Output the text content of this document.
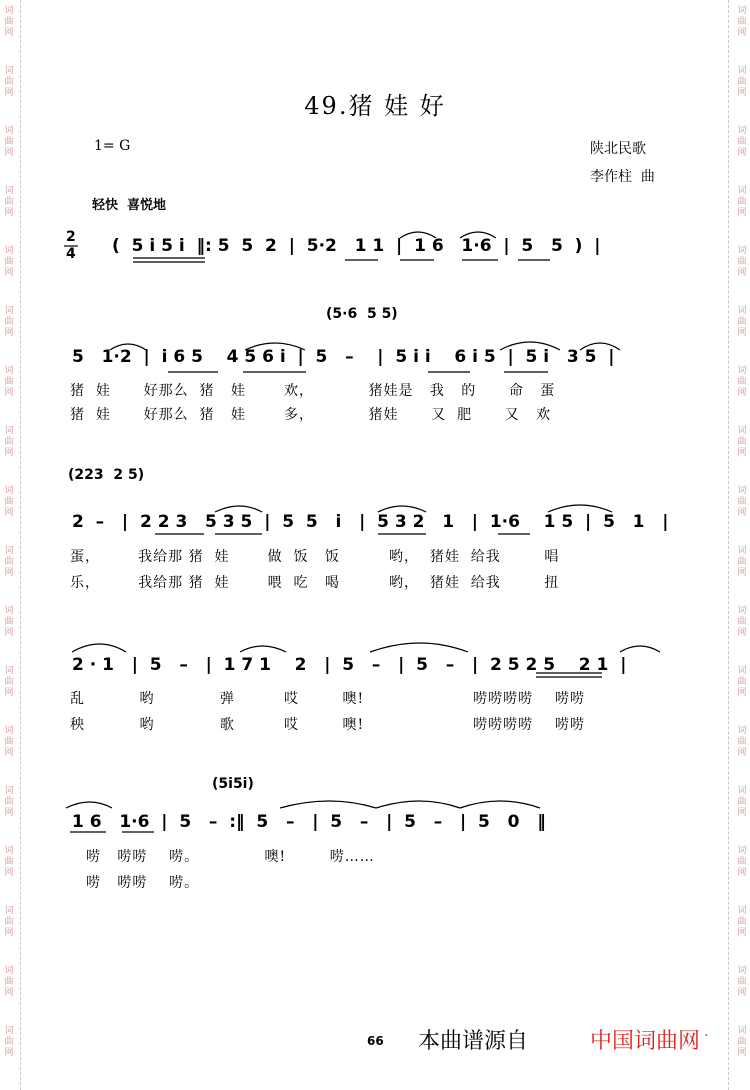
词
曲
网
词
曲
网
词
曲
网
词
曲
网
词
曲
网
词
曲
网
词
曲
网
词
曲
网
词
曲
网
词
曲
网
词
曲
网
词
曲
网
词
曲
网
词
曲
网
词
曲
网
词
曲
网
词
曲
网
词
曲
网
词
曲
网
词
曲
网
词
曲
网
词
曲
网
词
曲
网
词
曲
网
词
曲
网
词
曲
网
词
曲
网
词
曲
网
词
曲
网
词
曲
网
词
曲
网
词
曲
网
词
曲
网
词
曲
网
词
曲
网
词
曲
网
49.猪 娃 好
1= G	陕北民歌
李作柱  曲
轻快  喜悦地
2
4 (  5 i 5 i  ‖: 5  5  2  |  5·2   1 1  |  1 6   1·6  |  5   5  )  |
(5·6  5 5)
5   1·2  |  i 6 5    4 5 6 i  |  5   –    |  5 i i    6 i 5  |  5 i   3 5  |
猪  娃      好那么  猪   娃       欢，          猪娃是   我   的      命   蛋
猪  娃      好那么  猪   娃       多，          猪娃      又  肥      又   欢
(223  2 5)
2  –   |  2 2 3   5 3 5  |  5  5   i   |  5 3 2   1   |  1·6    1 5  |  5   1   |
蛋，       我给那 猪  娃       做  饭   饭         哟，  猪娃  给我        唱
乐，       我给那 猪  娃       喂  吃   喝         哟，  猪娃  给我        扭
2 · 1   |  5   –   |  1 7 1    2   |  5   –   |  5   –   |  2 5 2 5    2 1  |
乱          哟            弹         哎        噢!                    唠唠唠唠    唠唠
秧          哟            歌         哎        噢!                    唠唠唠唠    唠唠
(5i5i)
1 6   1·6  |  5   –  :‖  5   –   |  5   –   |  5   –   |  5   0   ‖
唠   唠唠    唠。            噢!        唠……
唠   唠唠    唠。
66 本曲谱源自	中国词曲网 .
